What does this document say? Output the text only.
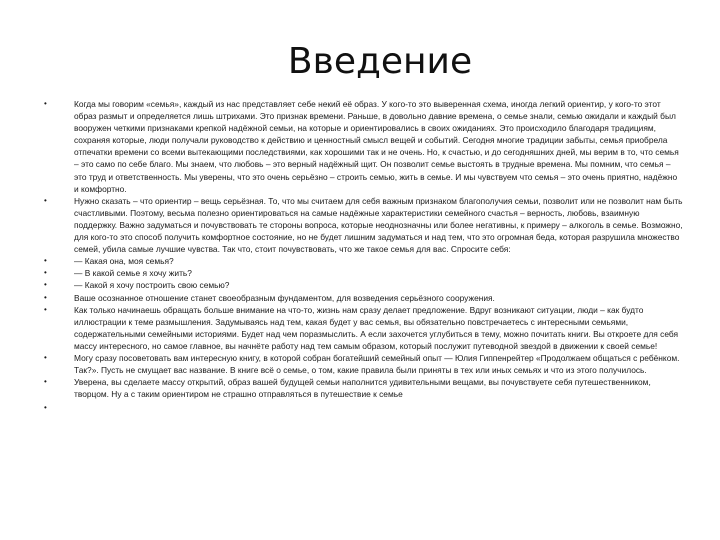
Введение
•	Когда мы говорим «семья», каждый из нас представляет себе некий её образ. У кого-то это выверенная схема, иногда легкий ориентир, у кого-то этот образ размыт и определяется лишь штрихами. Это признак времени. Раньше, в довольно давние времена, о семье знали, семью ожидали и каждый был вооружен четкими признаками крепкой надёжной семьи, на которые и ориентировались в своих ожиданиях. Это происходило благодаря традициям, сохраняя которые, люди получали руководство к действию и ценностный смысл вещей и событий. Сегодня многие традиции забыты, семья приобрела отпечатки времени со всеми вытекающими последствиями, как хорошими так и не очень. Но, к счастью, и до сегодняшних дней, мы верим в то, что семья – это само по себе благо. Мы знаем, что любовь – это верный надёжный щит. Он позволит семье выстоять в трудные времена. Мы помним, что семья – это труд и ответственность. Мы уверены, что это очень серьёзно – строить семью, жить в семье. И мы чувствуем что семья – это очень приятно, надёжно и комфортно.
•	Нужно сказать – что ориентир – вещь серьёзная. То, что мы считаем для себя важным признаком благополучия семьи, позволит или не позволит нам быть счастливыми. Поэтому, весьма полезно ориентироваться на самые надёжные характеристики семейного счастья – верность, любовь, взаимную поддержку. Важно задуматься и почувствовать те стороны вопроса, которые неоднозначны или более негативны, к примеру – алкоголь в семье. Возможно, для кого-то это способ получить комфортное состояние, но не будет лишним задуматься и над тем, что это огромная беда, которая разрушила множество семей, убила самые лучшие чувства. Так что, стоит почувствовать, что же такое семья для вас. Спросите себя:
•	— Какая она, моя семья?
•	— В какой семье я хочу жить?
•	— Какой я хочу построить свою семью?
•	Ваше осознанное отношение станет своеобразным фундаментом, для возведения серьёзного сооружения.
•	Как только начинаешь обращать больше внимание на что-то, жизнь нам сразу делает предложение. Вдруг возникают ситуации, люди – как будто иллюстрации к теме размышления. Задумываясь над тем, какая будет у вас семья, вы обязательно повстречаетесь с интересными семьями, содержательными семейными историями. Будет над чем поразмыслить. А если захочется углубиться в тему, можно почитать книги. Вы откроете для себя массу интересного, но самое главное, вы начнёте работу над тем самым образом, который послужит путеводной звездой в движении к своей семье!
•	Могу сразу посоветовать вам интересную книгу, в которой собран богатейший семейный опыт — Юлия Гиппенрейтер «Продолжаем общаться с ребёнком. Так?». Пусть не смущает вас название. В книге всё о семье, о том, какие правила были приняты в тех или иных семьях и что из этого получилось.
•	Уверена, вы сделаете массу открытий, образ вашей будущей семьи наполнится удивительными вещами, вы почувствуете себя путешественником, творцом. Ну а с таким ориентиром не страшно отправляться в путешествие к семье
•
